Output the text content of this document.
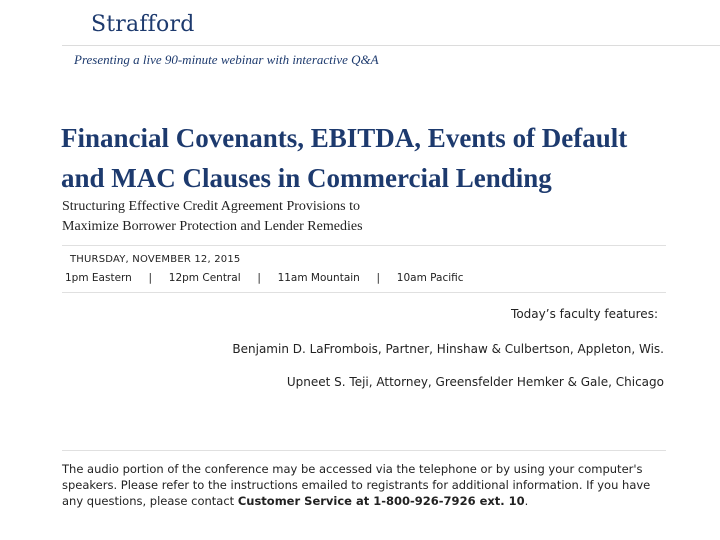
Strafford
Presenting a live 90-minute webinar with interactive Q&A
Financial Covenants, EBITDA, Events of Default
and MAC Clauses in Commercial Lending

Structuring Effective Credit Agreement Provisions to
Maximize Borrower Protection and Lender Remedies

THURSDAY, NOVEMBER 12, 2015
1pm Eastern | 12pm Central | 11am Mountain | 10am Pacific
Today’s faculty features:
Benjamin D. LaFrombois, Partner, Hinshaw & Culbertson, Appleton, Wis.
Upneet S. Teji, Attorney, Greensfelder Hemker & Gale, Chicago

The audio portion of the conference may be accessed via the telephone or by using your computer's speakers. Please refer to the instructions emailed to registrants for additional information. If you have any questions, please contact Customer Service at 1-800-926-7926 ext. 10.
